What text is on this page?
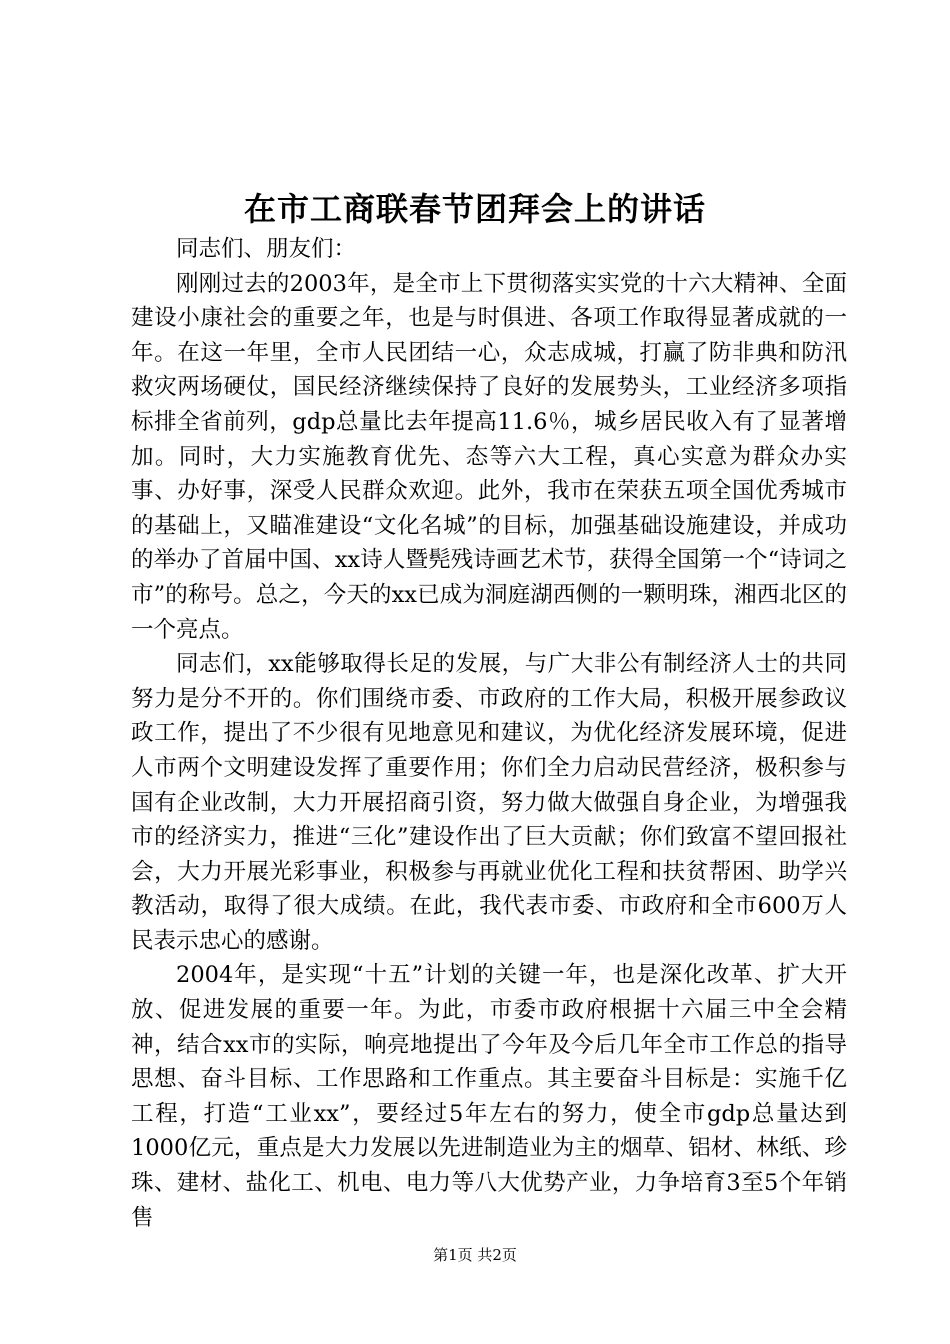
在市工商联春节团拜会上的讲话

同志们、朋友们：

刚刚过去的2003年，是全市上下贯彻落实实党的十六大精神、全面建设小康社会的重要之年，也是与时俱进、各项工作取得显著成就的一年。在这一年里，全市人民团结一心，众志成城，打赢了防非典和防汛救灾两场硬仗，国民经济继续保持了良好的发展势头，工业经济多项指标排全省前列，gdp总量比去年提高11.6％，城乡居民收入有了显著增加。同时，大力实施教育优先、态等六大工程，真心实意为群众办实事、办好事，深受人民群众欢迎。此外，我市在荣获五项全国优秀城市的基础上，又瞄准建设“文化名城”的目标，加强基础设施建设，并成功的举办了首届中国、xx诗人暨髡残诗画艺术节，获得全国第一个“诗词之市”的称号。总之，今天的xx已成为洞庭湖西侧的一颗明珠，湘西北区的一个亮点。

同志们，xx能够取得长足的发展，与广大非公有制经济人士的共同努力是分不开的。你们围绕市委、市政府的工作大局，积极开展参政议政工作，提出了不少很有见地意见和建议，为优化经济发展环境，促进人市两个文明建设发挥了重要作用；你们全力启动民营经济，极积参与国有企业改制，大力开展招商引资，努力做大做强自身企业，为增强我市的经济实力，推进“三化”建设作出了巨大贡献；你们致富不望回报社会，大力开展光彩事业，积极参与再就业优化工程和扶贫帮困、助学兴教活动，取得了很大成绩。在此，我代表市委、市政府和全市600万人民表示忠心的感谢。

2004年，是实现“十五”计划的关键一年，也是深化改革、扩大开放、促进发展的重要一年。为此，市委市政府根据十六届三中全会精神，结合xx市的实际，响亮地提出了今年及今后几年全市工作总的指导思想、奋斗目标、工作思路和工作重点。其主要奋斗目标是：实施千亿工程，打造“工业xx”，要经过5年左右的努力，使全市gdp总量达到1000亿元，重点是大力发展以先进制造业为主的烟草、铝材、林纸、珍珠、建材、盐化工、机电、电力等八大优势产业，力争培育3至5个年销售

第1页 共2页
